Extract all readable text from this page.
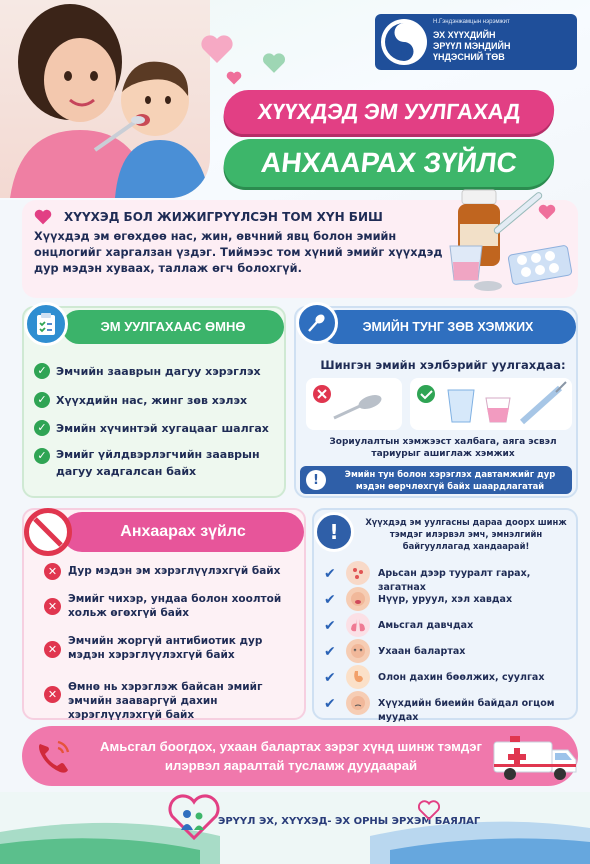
Н.Гэндэнжамцын нэрэмжит
ЭХ ХҮҮХДИЙН
ЭРҮҮЛ МЭНДИЙН
ҮНДЭСНИЙ ТӨВ
ХҮҮХДЭД ЭМ УУЛГАХАД
АНХААРАХ ЗҮЙЛС
ХҮҮХЭД БОЛ ЖИЖИГРҮҮЛСЭН ТОМ ХҮН БИШ
Хүүхдэд эм өгөхдөө нас, жин, өвчний явц болон эмийн онцлогийг харгалзан үздэг. Тиймээс том хүний эмийг хүүхдэд дур мэдэн хуваах, таллаж өгч болохгүй.
ЭМ УУЛГАХААС ӨМНӨ
✓ Эмчийн зааврын дагуу хэрэглэх
✓ Хүүхдийн нас, жинг зөв хэлэх
✓ Эмийн хүчинтэй хугацааг шалгах
✓ Эмийг үйлдвэрлэгчийн зааврын дагуу хадгалсан байх
ЭМИЙН ТУНГ ЗӨВ ХЭМЖИХ
Шингэн эмийн хэлбэрийг уулгахдаа:
Зориулалтын хэмжээст халбага, аяга эсвэл тариурыг ашиглаж хэмжих
!	Эмийн тун болон хэрэглэх давтамжийг дур мэдэн өөрчлөхгүй байх шаардлагатай
Анхаарах зүйлс
✕	Дур мэдэн эм хэрэглүүлэхгүй байх
✕
Эмийг чихэр, ундаа болон хоолтой хольж өгөхгүй байх
✕
Эмчийн жоргүй антибиотик дур мэдэн хэрэглүүлэхгүй байх
✕
Өмнө нь хэрэглэж байсан эмийг эмчийн зааваргүй дахин хэрэглүүлэхгүй байх
!	Хүүхдэд эм уулгасны дараа доорх шинж тэмдэг илэрвэл эмч, эмнэлгийн байгууллагад хандаарай!
✔	Арьсан дээр тууралт гарах, загатнах
✔	Нүүр, уруул, хэл хавдах
✔	Амьсгал давчдах
✔	Ухаан балартах
✔	Олон дахин бөөлжих, суулгах
✔	Хүүхдийн биеийн байдал огцом муудах
Амьсгал боогдох, ухаан балартах зэрэг хүнд шинж тэмдэг илэрвэл яаралтай тусламж дуудаарай
ЭРҮҮЛ ЭХ, ХҮҮХЭД- ЭХ ОРНЫ ЭРХЭМ БАЯЛАГ
